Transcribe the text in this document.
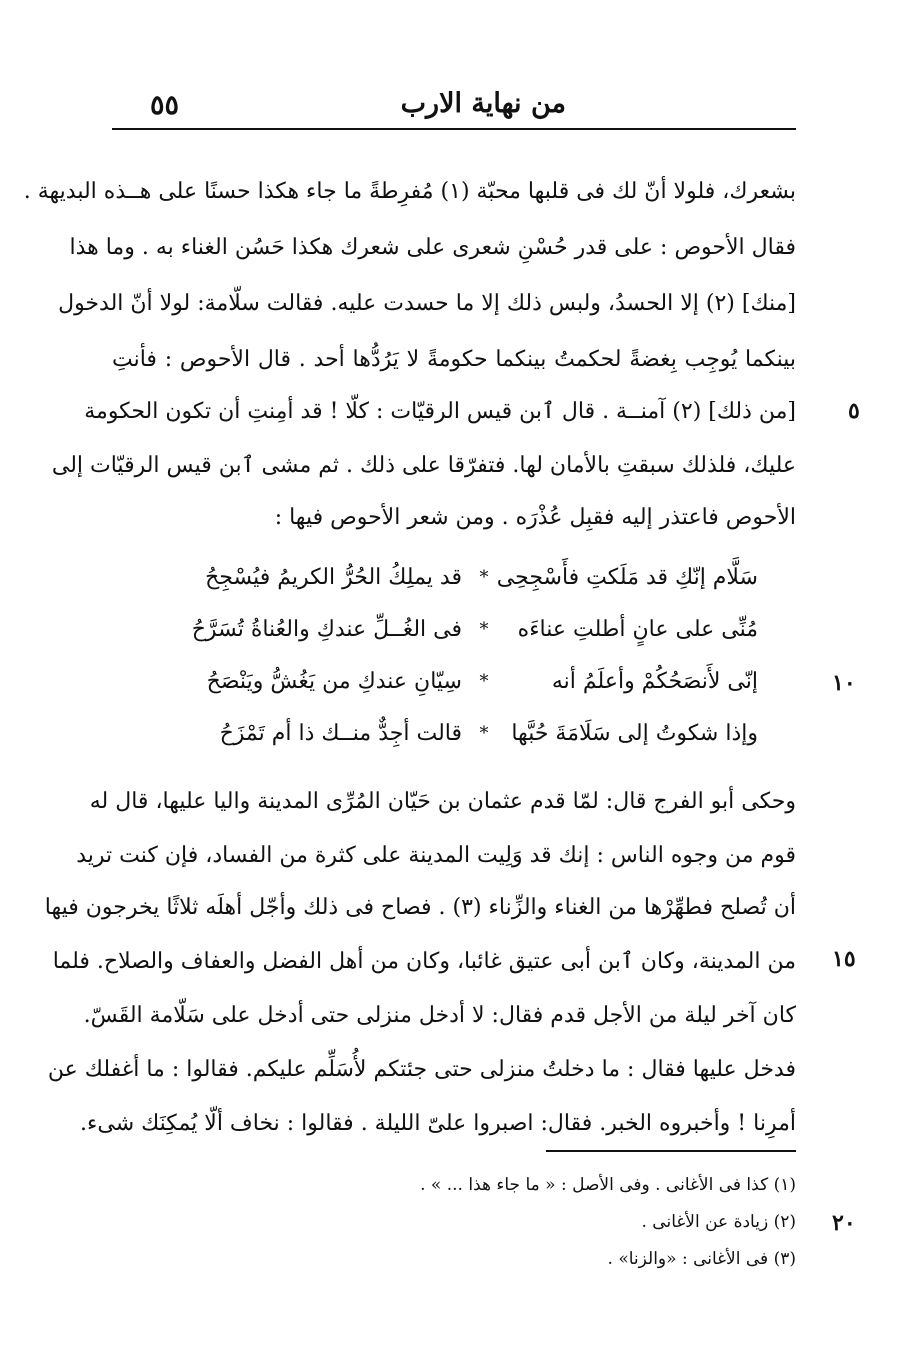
٥٥	من نهاية الارب
بشعرك، فلولا أنّ لك فى قلبها محبّة (١) مُفرِطةً ما جاء هكذا حسنًا على هــذه البديهة .
فقال الأحوص : على قدر حُسْنِ شعرى على شعرك هكذا حَسُن الغناء به . وما هذا
[منك] (٢) إلا الحسدُ، ولبس ذلك إلا ما حسدت عليه. فقالت سلّامة: لولا أنّ الدخول
بينكما يُوجِب بِغضةً لحكمتُ بينكما حكومةً لا يَرُدُّها أحد . قال الأحوص : فأنتِ
[من ذلك] (٢) آمنــة . قال ٱبن قيس الرقيّات : كلّا ! قد أمِنتِ أن تكون الحكومة
عليك، فلذلك سبقتِ بالأمان لها. فتفرّقا على ذلك . ثم مشى ٱبن قيس الرقيّات إلى
الأحوص فاعتذر إليه فقبِل عُذْرَه . ومن شعر الأحوص فيها :
سَلَّام إنّكِ قد مَلَكتِ فأَسْجِحِى
*
قد يملِكُ الحُرُّ الكريمُ فيُسْجِحُ
مُنِّى على عانٍ أطلتِ عناءَه
*
فى الغُــلِّ عندكِ والعُناةُ تُسَرَّحُ
إنّى لأَنصَحُكُمْ وأعلَمُ أنه
*
سِيّانِ عندكِ من يَغُشُّ ويَنْصَحُ
وإذا شكوتُ إلى سَلَامَةَ حُبَّها
*
قالت أجِدٌّ منــك ذا أم تَمْزَحُ
وحكى أبو الفرج قال: لمّا قدم عثمان بن حَيّان المُرِّى المدينة واليا عليها، قال له
قوم من وجوه الناس : إنك قد وَلِيت المدينة على كثرة من الفساد، فإن كنت تريد
أن تُصلح فطهِّرْها من الغناء والزِّناء (٣) . فصاح فى ذلك وأجّل أهلَه ثلاثًا يخرجون فيها
من المدينة، وكان ٱبن أبى عتيق غائبا، وكان من أهل الفضل والعفاف والصلاح. فلما
كان آخر ليلة من الأجل قدم فقال: لا أدخل منزلى حتى أدخل على سَلّامة القَسّ.
فدخل عليها فقال : ما دخلتُ منزلى حتى جئتكم لأُسَلِّم عليكم. فقالوا : ما أغفلك عن
أمرِنا ! وأخبروه الخبر. فقال: اصبروا علىّ الليلة . فقالوا : نخاف ألّا يُمكِنَك شىء.
٥
١٠
١٥
٢٠
(١) كذا فى الأغانى . وفى الأصل : « ما جاء هذا ... » .
(٢) زيادة عن الأغانى .
(٣) فى الأغانى : «والزنا» .
